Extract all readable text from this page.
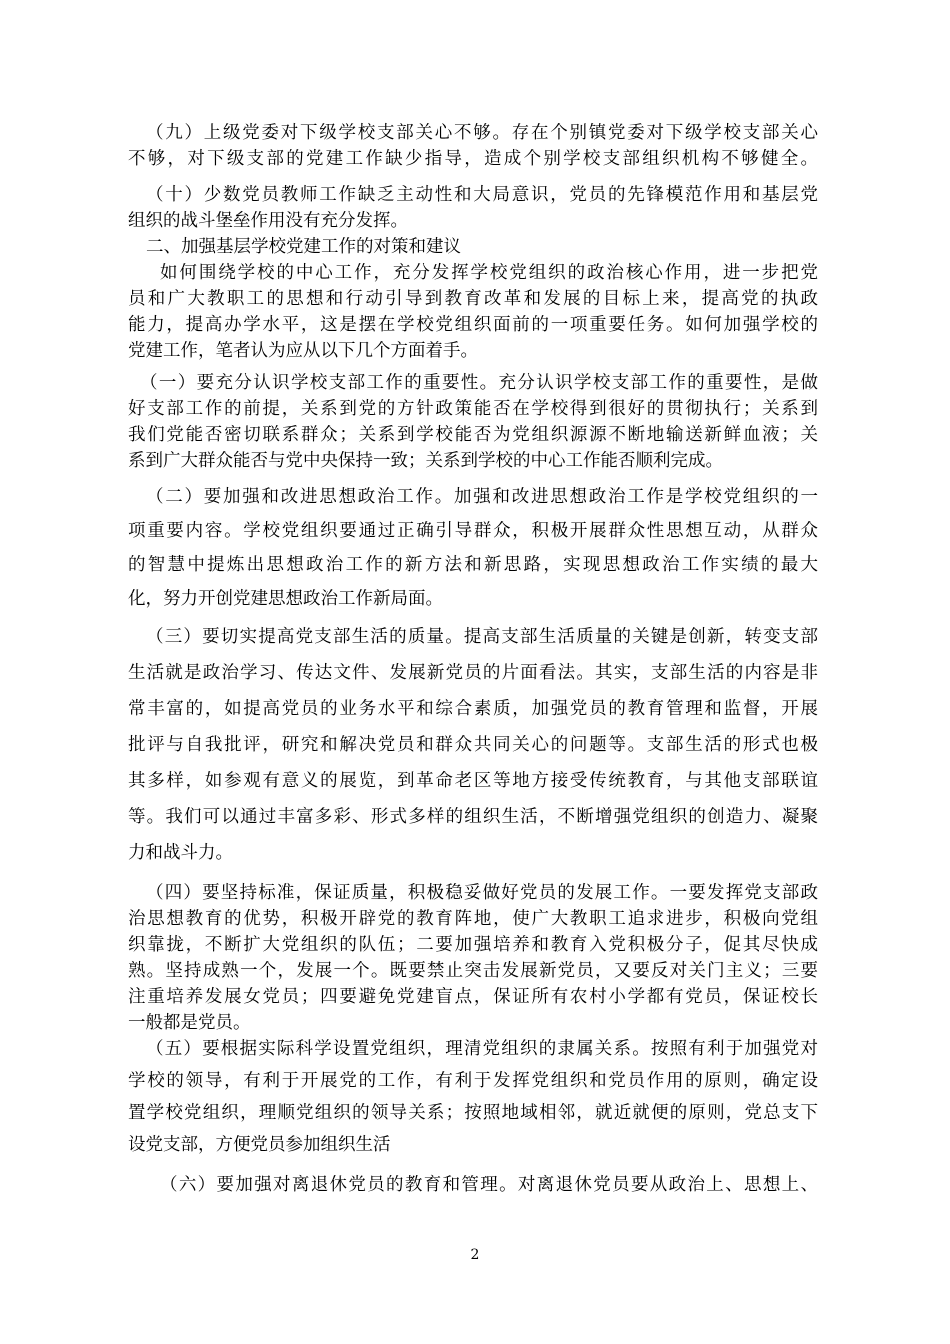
（九）上级党委对下级学校支部关心不够。存在个别镇党委对下级学校支部关心
不够，对下级支部的党建工作缺少指导，造成个别学校支部组织机构不够健全。
（十）少数党员教师工作缺乏主动性和大局意识，党员的先锋模范作用和基层党
组织的战斗堡垒作用没有充分发挥。
二、加强基层学校党建工作的对策和建议
如何围绕学校的中心工作，充分发挥学校党组织的政治核心作用，进一步把党
员和广大教职工的思想和行动引导到教育改革和发展的目标上来，提高党的执政
能力，提高办学水平，这是摆在学校党组织面前的一项重要任务。如何加强学校的
党建工作，笔者认为应从以下几个方面着手。
（一）要充分认识学校支部工作的重要性。充分认识学校支部工作的重要性，是做
好支部工作的前提，关系到党的方针政策能否在学校得到很好的贯彻执行；关系到
我们党能否密切联系群众；关系到学校能否为党组织源源不断地输送新鲜血液；关
系到广大群众能否与党中央保持一致；关系到学校的中心工作能否顺利完成。
（二）要加强和改进思想政治工作。加强和改进思想政治工作是学校党组织的一
项重要内容。学校党组织要通过正确引导群众，积极开展群众性思想互动，从群众
的智慧中提炼出思想政治工作的新方法和新思路，实现思想政治工作实绩的最大
化，努力开创党建思想政治工作新局面。
（三）要切实提高党支部生活的质量。提高支部生活质量的关键是创新，转变支部
生活就是政治学习、传达文件、发展新党员的片面看法。其实，支部生活的内容是非
常丰富的，如提高党员的业务水平和综合素质，加强党员的教育管理和监督，开展
批评与自我批评，研究和解决党员和群众共同关心的问题等。支部生活的形式也极
其多样，如参观有意义的展览，到革命老区等地方接受传统教育，与其他支部联谊
等。我们可以通过丰富多彩、形式多样的组织生活，不断增强党组织的创造力、凝聚
力和战斗力。
（四）要坚持标准，保证质量，积极稳妥做好党员的发展工作。一要发挥党支部政
治思想教育的优势，积极开辟党的教育阵地，使广大教职工追求进步，积极向党组
织靠拢，不断扩大党组织的队伍；二要加强培养和教育入党积极分子，促其尽快成
熟。坚持成熟一个，发展一个。既要禁止突击发展新党员，又要反对关门主义；三要
注重培养发展女党员；四要避免党建盲点，保证所有农村小学都有党员，保证校长
一般都是党员。
（五）要根据实际科学设置党组织，理清党组织的隶属关系。按照有利于加强党对
学校的领导，有利于开展党的工作，有利于发挥党组织和党员作用的原则，确定设
置学校党组织，理顺党组织的领导关系；按照地域相邻，就近就便的原则，党总支下
设党支部，方便党员参加组织生活
（六）要加强对离退休党员的教育和管理。对离退休党员要从政治上、思想上、
2
